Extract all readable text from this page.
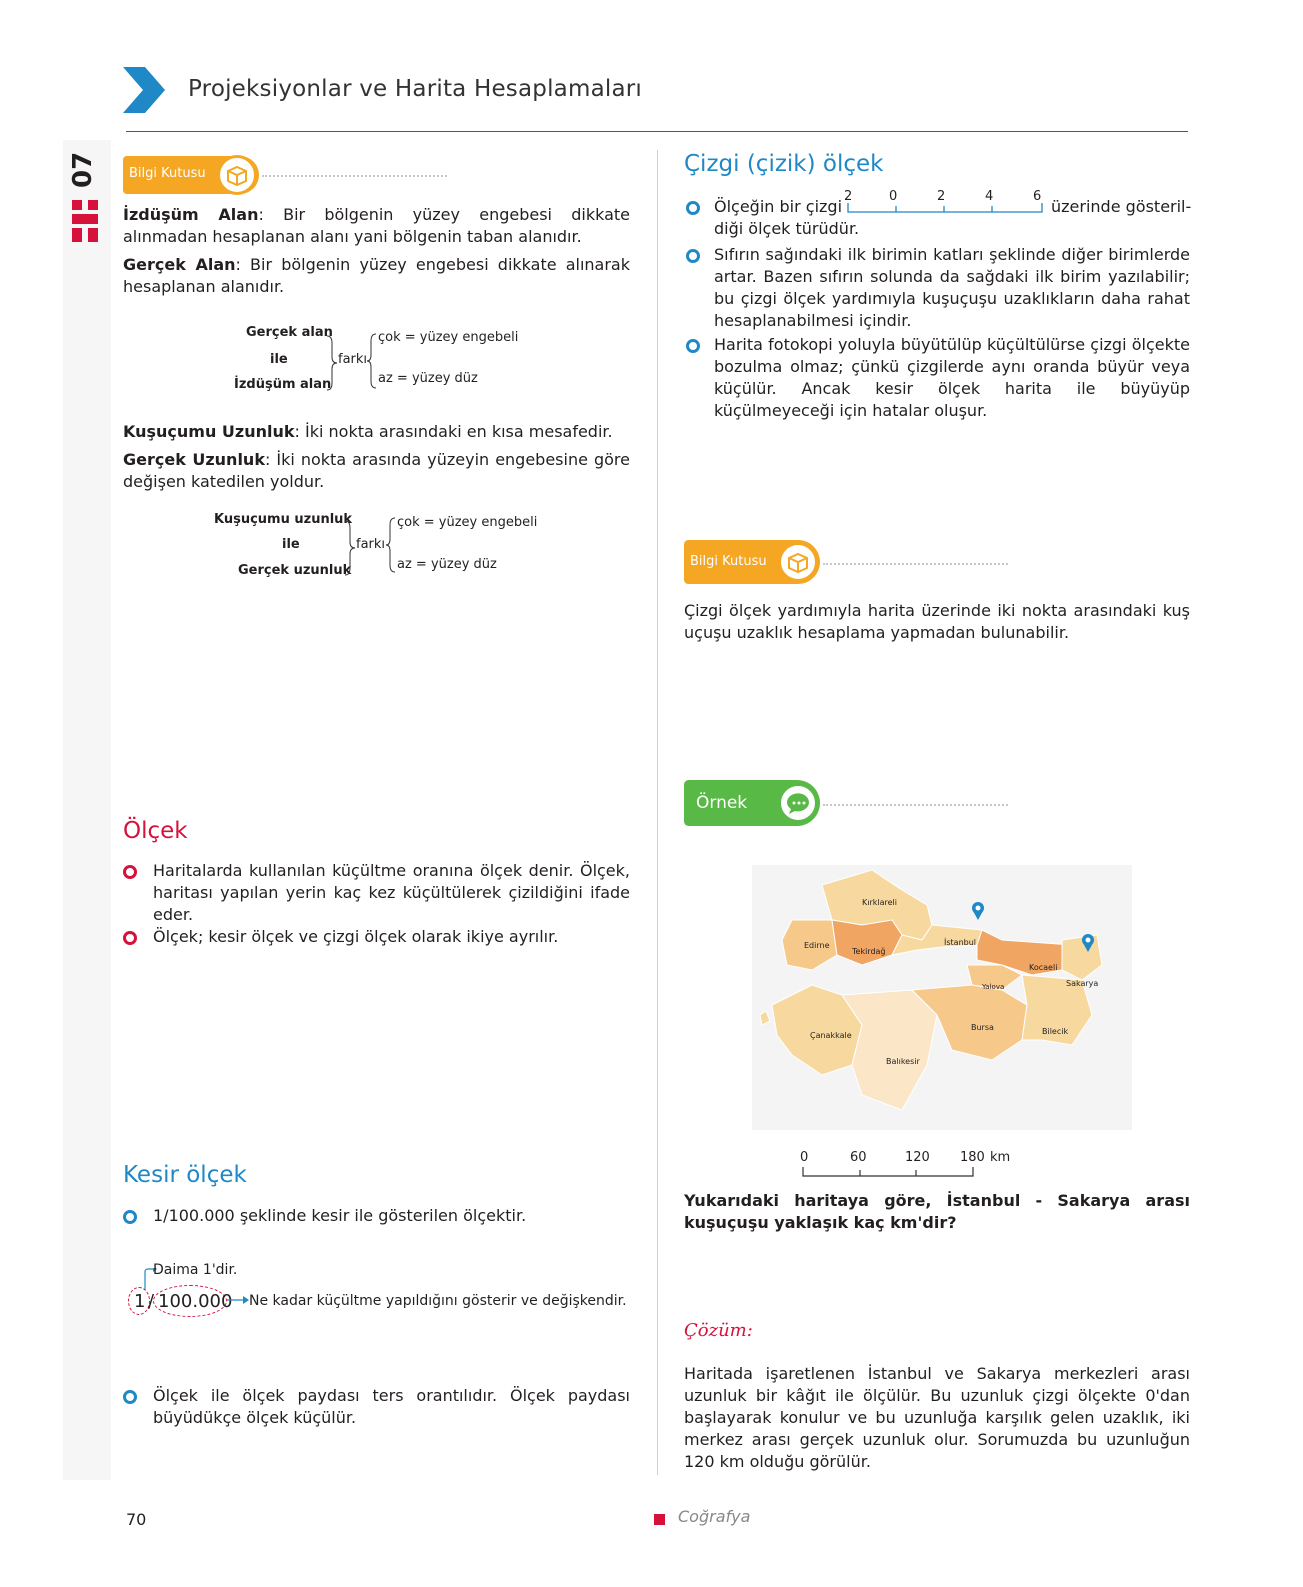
Projeksiyonlar ve Harita Hesaplamaları
07 Bilgi Kutusu
İzdüşüm Alan: Bir bölgenin yüzey engebesi dikkate alınmadan hesaplanan alanı yani bölgenin taban alanıdır.
Gerçek Alan: Bir bölgenin yüzey engebesi dikkate alınarak hesaplanan alanıdır.
Gerçek alan
ile
İzdüşüm alan
farkı
çok = yüzey engebeli
az = yüzey düz
Kuşuçumu Uzunluk: İki nokta arasındaki en kısa mesafedir.
Gerçek Uzunluk: İki nokta arasında yüzeyin engebesine göre değişen katedilen yoldur.
Kuşuçumu uzunluk
ile
Gerçek uzunluk
farkı
çok = yüzey engebeli
az = yüzey düz
Ölçek
Haritalarda kullanılan küçültme oranına ölçek denir. Ölçek, haritası yapılan yerin kaç kez küçültülerek çizildiğini ifade eder.
Ölçek; kesir ölçek ve çizgi ölçek olarak ikiye ayrılır.
Kesir ölçek
1/100.000 şeklinde kesir ile gösterilen ölçektir.
Daima 1'dir.
1 / 100.000 Ne kadar küçültme yapıldığını gösterir ve değişkendir.
Ölçek ile ölçek paydası ters orantılıdır. Ölçek paydası büyüdükçe ölçek küçülür.
Çizgi (çizik) ölçek
Ölçeğin bir çizgi
2	0	2	4	6
üzerinde gösteril-
diği ölçek türüdür.
Sıfırın sağındaki ilk birimin katları şeklinde diğer birimlerde artar. Bazen sıfırın solunda da sağdaki ilk birim yazılabilir; bu çizgi ölçek yardımıyla kuşuçuşu uzaklıkların daha rahat hesaplanabilmesi içindir.
Harita fotokopi yoluyla büyütülüp küçültülürse çizgi ölçekte bozulma olmaz; çünkü çizgilerde aynı oranda büyür veya küçülür. Ancak kesir ölçek harita ile büyüyüp küçülmeyeceği için hatalar oluşur.
Bilgi Kutusu
Çizgi ölçek yardımıyla harita üzerinde iki nokta arasındaki kuş uçuşu uzaklık hesaplama yapmadan bulunabilir.
Örnek
Kırklareli
Edirne
Tekirdağ
İstanbul
Kocaeli
Sakarya
Yalova
Bursa	Bilecik
Çanakkale
Balıkesir
0	60	120 180 km
Yukarıdaki haritaya göre, İstanbul - Sakarya arası kuşuçuşu yaklaşık kaç km'dir?
Çözüm:
Haritada işaretlenen İstanbul ve Sakarya merkezleri arası uzunluk bir kâğıt ile ölçülür. Bu uzunluk çizgi ölçekte 0'dan başlayarak konulur ve bu uzunluğa karşılık gelen uzaklık, iki merkez arası gerçek uzunluk olur. Sorumuzda bu uzunluğun 120 km olduğu görülür.
70	Coğrafya
